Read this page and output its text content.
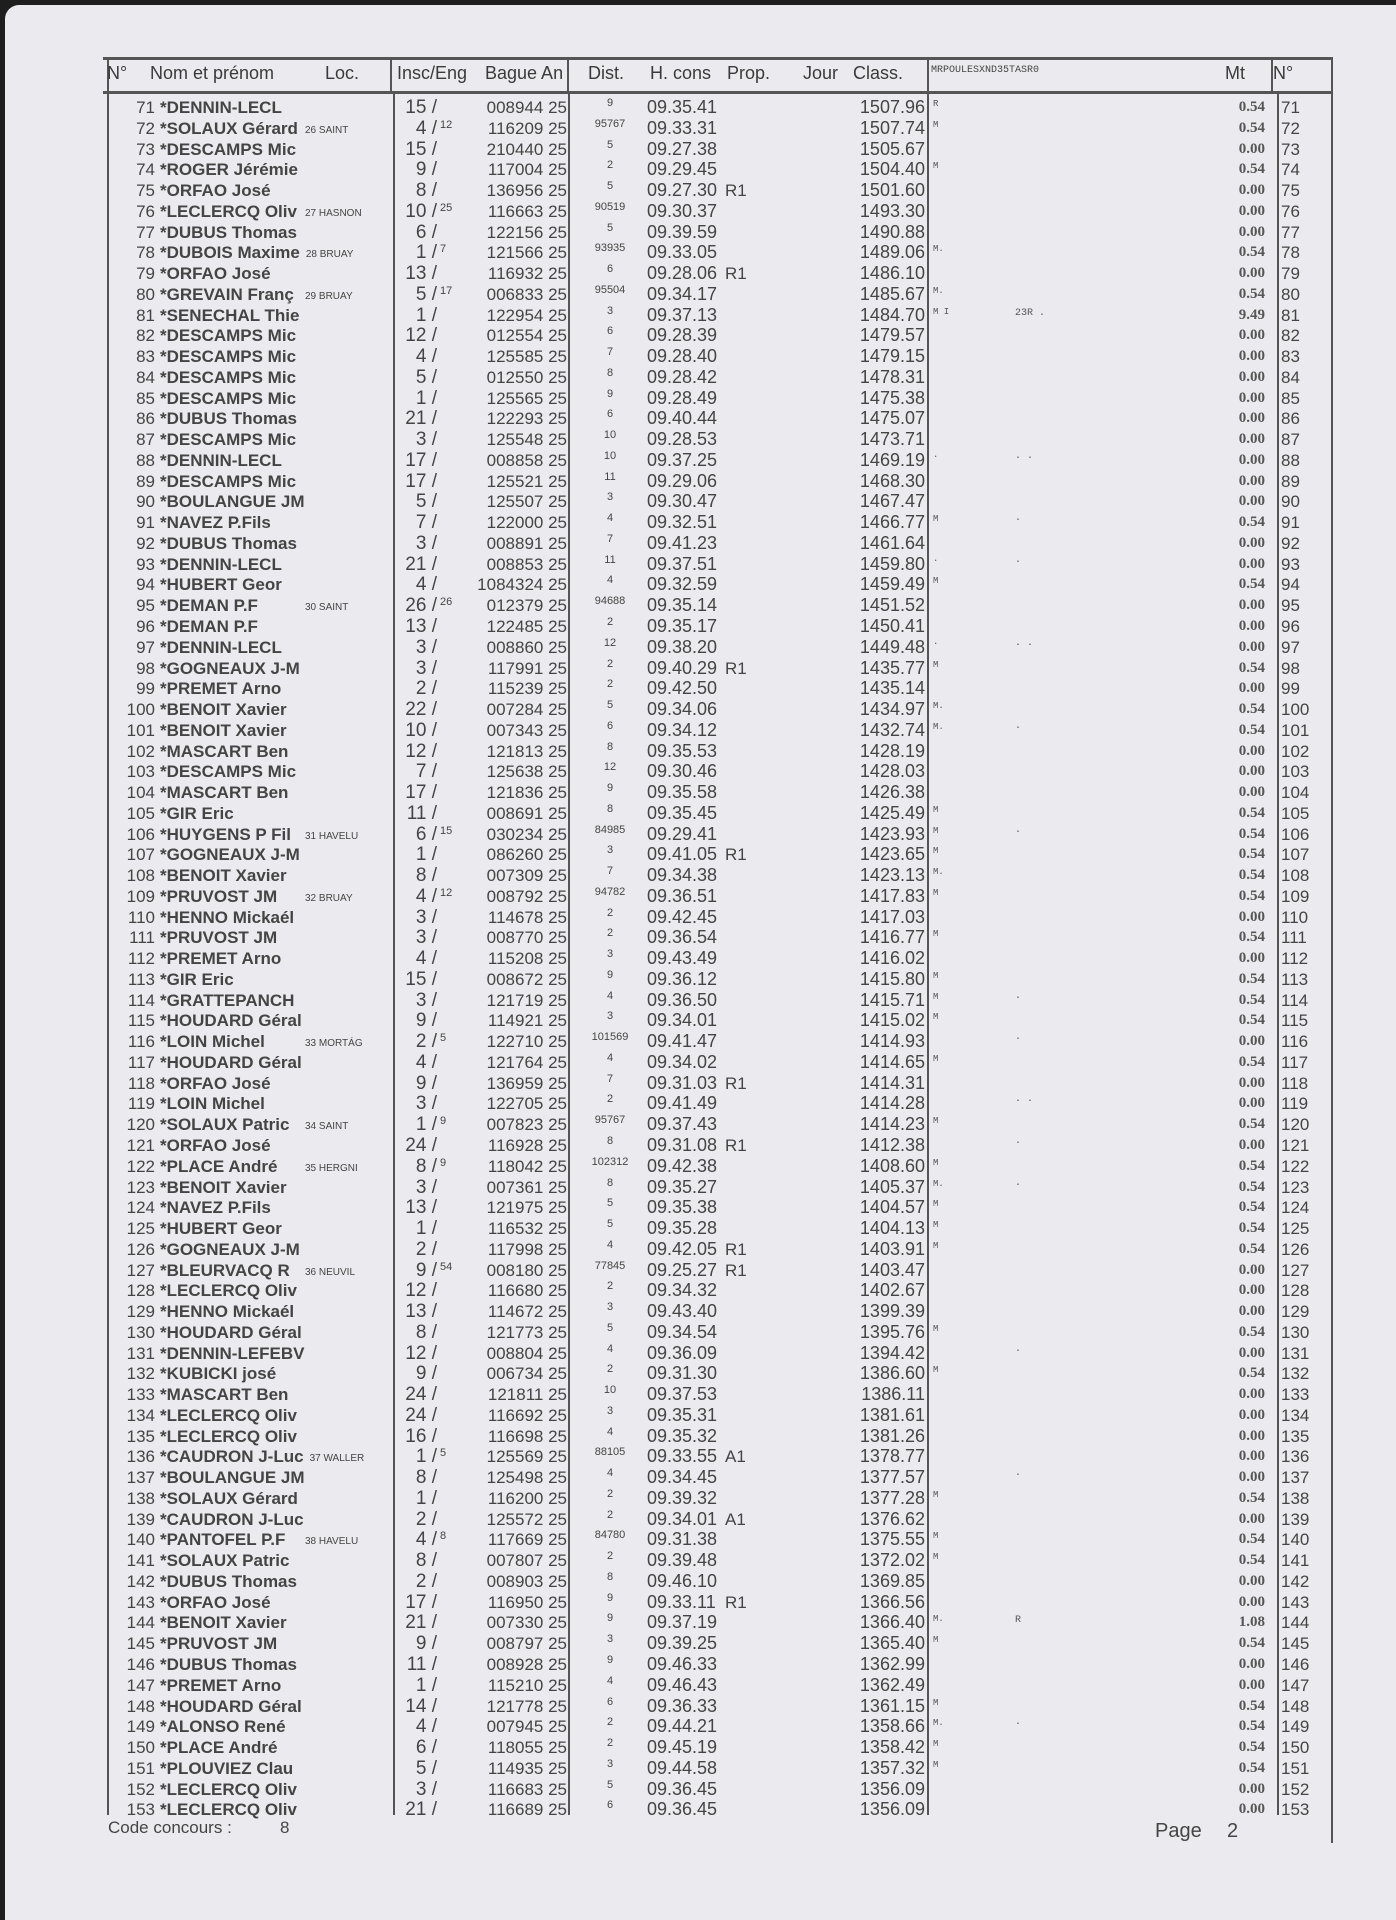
N° Nom et prénom	Loc. Insc/Eng Bague An Dist. H. cons Prop. Jour Class.	MRPOULESXND35TASR0	Mt N°
71 *DENNIN-LECL	15 /	008944 25	9	09.35.41	1507.96 R	0.54 71
72 *SOLAUX Gérard 26 SAINT	4 / 12	116209 25	95767	09.33.31	1507.74 M	0.54 72
73 *DESCAMPS Mic	15 /	210440 25	5	09.27.38	1505.67	0.00 73
74 *ROGER Jérémie	9 /	117004 25	2	09.29.45	1504.40 M	0.54 74
75 *ORFAO José	8 /	136956 25	5	09.27.30 R1	1501.60	0.00 75
76 *LECLERCQ Oliv 27 HASNON	10 / 25	116663 25	90519	09.30.37	1493.30	0.00 76
77 *DUBUS Thomas	6 /	122156 25	5	09.39.59	1490.88	0.00 77
78 *DUBOIS Maxime 28 BRUAY	1 / 7	121566 25	93935	09.33.05	1489.06 M.	0.54 78
79 *ORFAO José	13 /	116932 25	6	09.28.06 R1	1486.10	0.00 79
80 *GREVAIN Franç 29 BRUAY	5 / 17	006833 25	95504	09.34.17	1485.67 M.	0.54 80
81 *SENECHAL Thie	1 /	122954 25	3	09.37.13	1484.70 M I	23R .	9.49 81
82 *DESCAMPS Mic	12 /	012554 25	6	09.28.39	1479.57	0.00 82
83 *DESCAMPS Mic	4 /	125585 25	7	09.28.40	1479.15	0.00 83
84 *DESCAMPS Mic	5 /	012550 25	8	09.28.42	1478.31	0.00 84
85 *DESCAMPS Mic	1 /	125565 25	9	09.28.49	1475.38	0.00 85
86 *DUBUS Thomas	21 /	122293 25	6	09.40.44	1475.07	0.00 86
87 *DESCAMPS Mic	3 /	125548 25	10	09.28.53	1473.71	0.00 87
88 *DENNIN-LECL	17 /	008858 25	10	09.37.25	1469.19 ·	· ·	0.00 88
89 *DESCAMPS Mic	17 /	125521 25	11	09.29.06	1468.30	0.00 89
90 *BOULANGUE JM	5 /	125507 25	3	09.30.47	1467.47	0.00 90
91 *NAVEZ P.Fils	7 /	122000 25	4	09.32.51	1466.77 M	·	0.54 91
92 *DUBUS Thomas	3 /	008891 25	7	09.41.23	1461.64	0.00 92
93 *DENNIN-LECL	21 /	008853 25	11	09.37.51	1459.80 ·	·	0.00 93
94 *HUBERT Geor	4 /	1084324 25	4	09.32.59	1459.49 M	0.54 94
95 *DEMAN P.F	30 SAINT	26 / 26	012379 25	94688	09.35.14	1451.52	0.00 95
96 *DEMAN P.F	13 /	122485 25	2	09.35.17	1450.41	0.00 96
97 *DENNIN-LECL	3 /	008860 25	12	09.38.20	1449.48 ·	· ·	0.00 97
98 *GOGNEAUX J-M	3 /	117991 25	2	09.40.29 R1	1435.77 M	0.54 98
99 *PREMET Arno	2 /	115239 25	2	09.42.50	1435.14	0.00 99
100 *BENOIT Xavier	22 /	007284 25	5	09.34.06	1434.97 M.	0.54 100
101 *BENOIT Xavier	10 /	007343 25	6	09.34.12	1432.74 M.	·	0.54 101
102 *MASCART Ben	12 /	121813 25	8	09.35.53	1428.19	0.00 102
103 *DESCAMPS Mic	7 /	125638 25	12	09.30.46	1428.03	0.00 103
104 *MASCART Ben	17 /	121836 25	9	09.35.58	1426.38	0.00 104
105 *GIR Eric	11 /	008691 25	8	09.35.45	1425.49 M	0.54 105
106 *HUYGENS P Fil 31 HAVELU	6 / 15	030234 25	84985	09.29.41	1423.93 M	·	0.54 106
107 *GOGNEAUX J-M	1 /	086260 25	3	09.41.05 R1	1423.65 M	0.54 107
108 *BENOIT Xavier	8 /	007309 25	7	09.34.38	1423.13 M.	0.54 108
109 *PRUVOST JM	32 BRUAY	4 / 12	008792 25	94782	09.36.51	1417.83 M	0.54 109
110 *HENNO Mickaél	3 /	114678 25	2	09.42.45	1417.03	0.00 110
111 *PRUVOST JM	3 /	008770 25	2	09.36.54	1416.77 M	0.54 111
112 *PREMET Arno	4 /	115208 25	3	09.43.49	1416.02	0.00 112
113 *GIR Eric	15 /	008672 25	9	09.36.12	1415.80 M	0.54 113
114 *GRATTEPANCH	3 /	121719 25	4	09.36.50	1415.71 M	·	0.54 114
115 *HOUDARD Géral	9 /	114921 25	3	09.34.01	1415.02 M	0.54 115
116 *LOIN Michel	33 MORTÁG	2 / 5	122710 25	101569	09.41.47	1414.93	·	0.00 116
117 *HOUDARD Géral	4 /	121764 25	4	09.34.02	1414.65 M	0.54 117
118 *ORFAO José	9 /	136959 25	7	09.31.03 R1	1414.31	0.00 118
119 *LOIN Michel	3 /	122705 25	2	09.41.49	1414.28	· ·	0.00 119
120 *SOLAUX Patric 34 SAINT	1 / 9	007823 25	95767	09.37.43	1414.23 M	0.54 120
121 *ORFAO José	24 /	116928 25	8	09.31.08 R1	1412.38	·	0.00 121
122 *PLACE André	35 HERGNI	8 / 9	118042 25	102312	09.42.38	1408.60 M	0.54 122
123 *BENOIT Xavier	3 /	007361 25	8	09.35.27	1405.37 M.	·	0.54 123
124 *NAVEZ P.Fils	13 /	121975 25	5	09.35.38	1404.57 M	0.54 124
125 *HUBERT Geor	1 /	116532 25	5	09.35.28	1404.13 M	0.54 125
126 *GOGNEAUX J-M	2 /	117998 25	4	09.42.05 R1	1403.91 M	0.54 126
127 *BLEURVACQ R 36 NEUVIL	9 / 54	008180 25	77845	09.25.27 R1	1403.47	0.00 127
128 *LECLERCQ Oliv	12 /	116680 25	2	09.34.32	1402.67	0.00 128
129 *HENNO Mickaél	13 /	114672 25	3	09.43.40	1399.39	0.00 129
130 *HOUDARD Géral	8 /	121773 25	5	09.34.54	1395.76 M	0.54 130
131 *DENNIN-LEFEBV	12 /	008804 25	4	09.36.09	1394.42	·	0.00 131
132 *KUBICKI josé	9 /	006734 25	2	09.31.30	1386.60 M	0.54 132
133 *MASCART Ben	24 /	121811 25	10	09.37.53	1386.11	0.00 133
134 *LECLERCQ Oliv	24 /	116692 25	3	09.35.31	1381.61	0.00 134
135 *LECLERCQ Oliv	16 /	116698 25	4	09.35.32	1381.26	0.00 135
136 *CAUDRON J-Luc 37 WALLER	1 / 5	125569 25	88105	09.33.55 A1	1378.77	0.00 136
137 *BOULANGUE JM	8 /	125498 25	4	09.34.45	1377.57	·	0.00 137
138 *SOLAUX Gérard	1 /	116200 25	2	09.39.32	1377.28 M	0.54 138
139 *CAUDRON J-Luc	2 /	125572 25	2	09.34.01 A1	1376.62	0.00 139
140 *PANTOFEL P.F 38 HAVELU	4 / 8	117669 25	84780	09.31.38	1375.55 M	0.54 140
141 *SOLAUX Patric	8 /	007807 25	2	09.39.48	1372.02 M	0.54 141
142 *DUBUS Thomas	2 /	008903 25	8	09.46.10	1369.85	0.00 142
143 *ORFAO José	17 /	116950 25	9	09.33.11 R1	1366.56	0.00 143
144 *BENOIT Xavier	21 /	007330 25	9	09.37.19	1366.40 M.	R	1.08 144
145 *PRUVOST JM	9 /	008797 25	3	09.39.25	1365.40 M	0.54 145
146 *DUBUS Thomas	11 /	008928 25	9	09.46.33	1362.99	0.00 146
147 *PREMET Arno	1 /	115210 25	4	09.46.43	1362.49	0.00 147
148 *HOUDARD Géral	14 /	121778 25	6	09.36.33	1361.15 M	0.54 148
149 *ALONSO René	4 /	007945 25	2	09.44.21	1358.66 M.	·	0.54 149
150 *PLACE André	6 /	118055 25	2	09.45.19	1358.42 M	0.54 150
151 *PLOUVIEZ Clau	5 /	114935 25	3	09.44.58	1357.32 M	0.54 151
152 *LECLERCQ Oliv	3 /	116683 25	5	09.36.45	1356.09	0.00 152
153 *LECLERCQ Oliv	21 /	116689 25	6	09.36.45	1356.09	0.00 153
Code concours :	8	Page 2
